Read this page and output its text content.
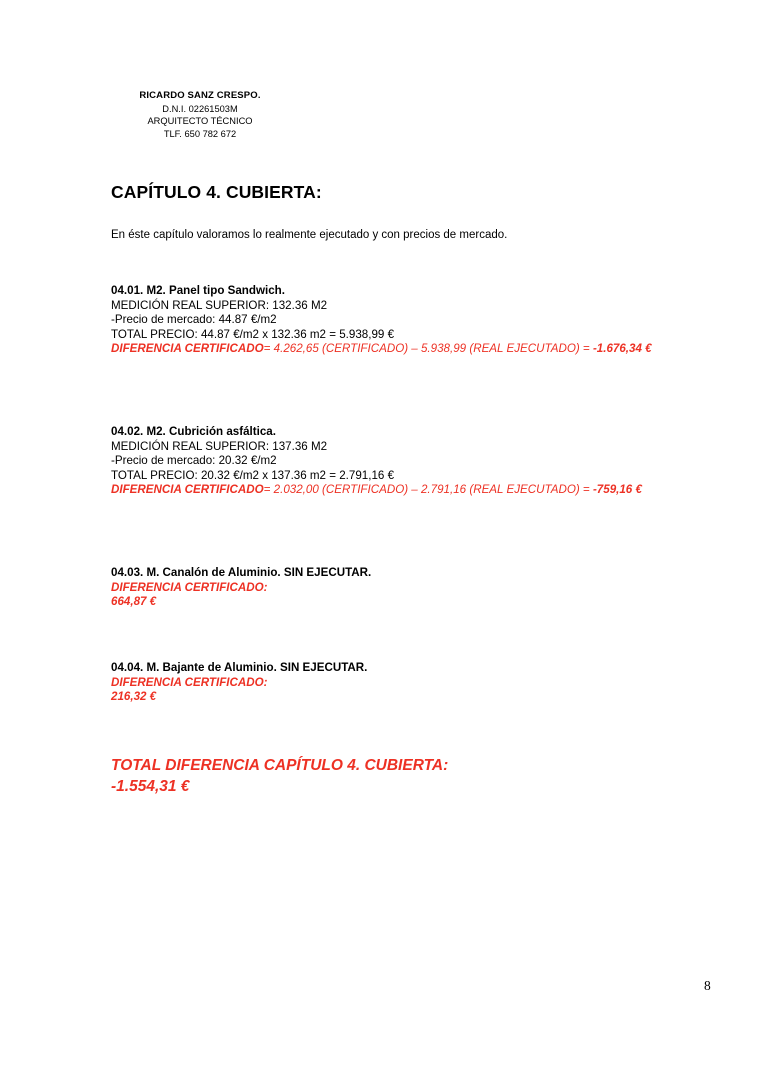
RICARDO SANZ CRESPO.
D.N.I. 02261503M
ARQUITECTO TÉCNICO
TLF. 650 782 672
CAPÍTULO 4. CUBIERTA:
En éste capítulo valoramos lo realmente ejecutado y con precios de mercado.
04.01. M2. Panel tipo Sandwich.
MEDICIÓN REAL SUPERIOR: 132.36 M2
-Precio de mercado: 44.87 €/m2
TOTAL PRECIO: 44.87 €/m2 x 132.36 m2 = 5.938,99 €
DIFERENCIA CERTIFICADO= 4.262,65 (CERTIFICADO) – 5.938,99 (REAL EJECUTADO) = -1.676,34 €
04.02. M2. Cubrición asfáltica.
MEDICIÓN REAL SUPERIOR: 137.36 M2
-Precio de mercado: 20.32 €/m2
TOTAL PRECIO: 20.32 €/m2 x 137.36 m2 = 2.791,16 €
DIFERENCIA CERTIFICADO= 2.032,00 (CERTIFICADO) – 2.791,16 (REAL EJECUTADO) = -759,16 €
04.03. M. Canalón de Aluminio. SIN EJECUTAR.
DIFERENCIA CERTIFICADO:
664,87 €
04.04. M. Bajante de Aluminio. SIN EJECUTAR.
DIFERENCIA CERTIFICADO:
216,32 €
TOTAL DIFERENCIA CAPÍTULO 4. CUBIERTA:
-1.554,31 €
8
